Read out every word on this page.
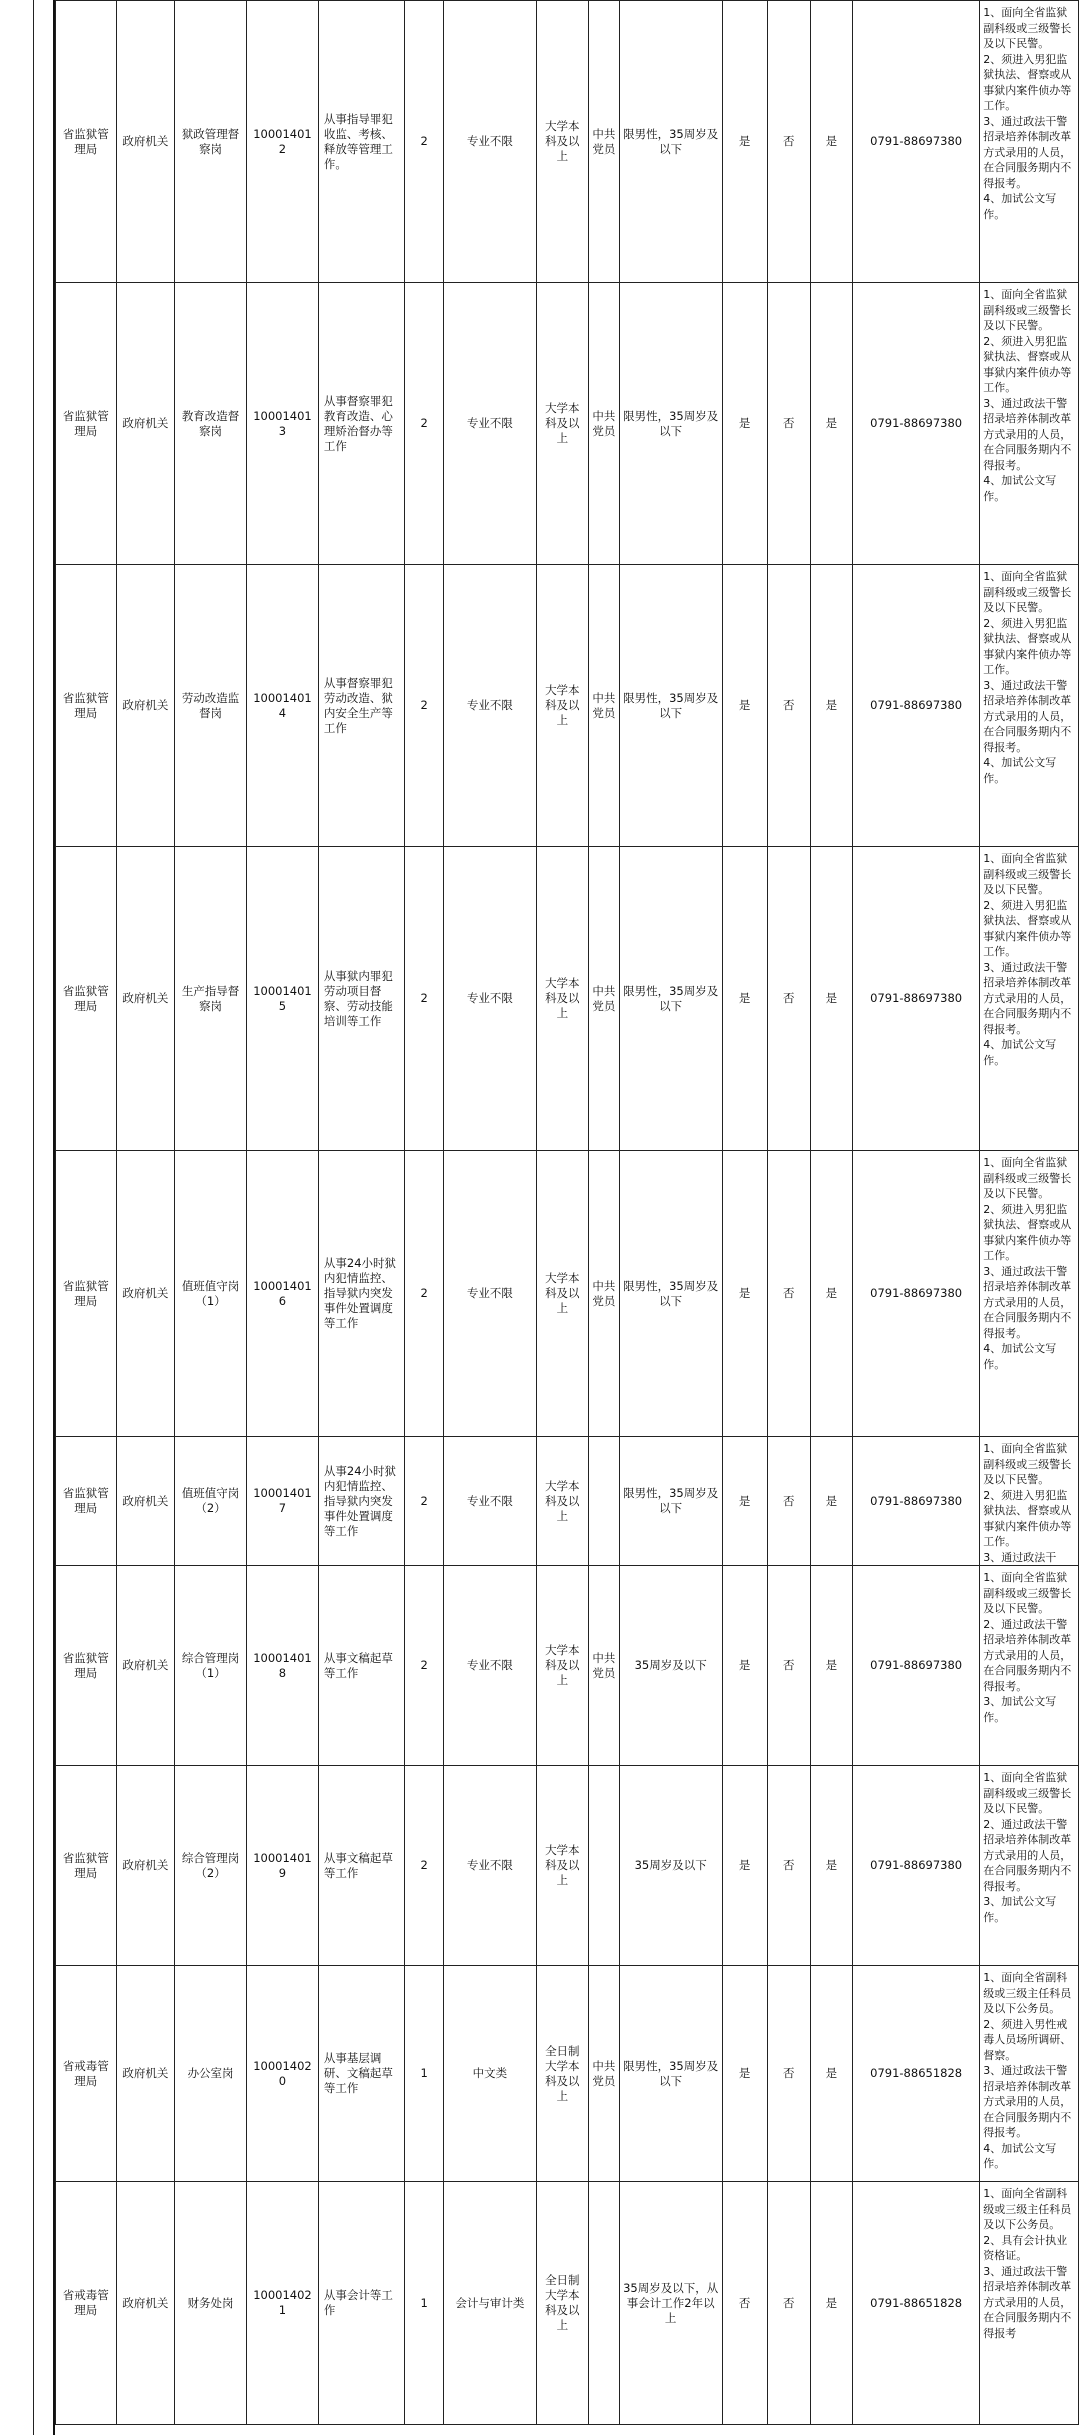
省监狱管理局	政府机关	狱政管理督察岗	100014012	从事指导罪犯收监、考核、释放等管理工作。	2	专业不限	大学本科及以上	中共党员	限男性，35周岁及以下	是	否	是	0791-88697380	1、面向全省监狱副科级或三级警长及以下民警。
2、须进入男犯监狱执法、督察或从事狱内案件侦办等工作。
3、通过政法干警招录培养体制改革方式录用的人员，在合同服务期内不得报考。
4、加试公文写作。
省监狱管理局	政府机关	教育改造督察岗	100014013	从事督察罪犯教育改造、心理矫治督办等工作	2	专业不限	大学本科及以上	中共党员	限男性，35周岁及以下	是	否	是	0791-88697380	1、面向全省监狱副科级或三级警长及以下民警。
2、须进入男犯监狱执法、督察或从事狱内案件侦办等工作。
3、通过政法干警招录培养体制改革方式录用的人员，在合同服务期内不得报考。
4、加试公文写作。
省监狱管理局	政府机关	劳动改造监督岗	100014014	从事督察罪犯劳动改造、狱内安全生产等工作	2	专业不限	大学本科及以上	中共党员	限男性，35周岁及以下	是	否	是	0791-88697380	1、面向全省监狱副科级或三级警长及以下民警。
2、须进入男犯监狱执法、督察或从事狱内案件侦办等工作。
3、通过政法干警招录培养体制改革方式录用的人员，在合同服务期内不得报考。
4、加试公文写作。
省监狱管理局	政府机关	生产指导督察岗	100014015	从事狱内罪犯劳动项目督察、劳动技能培训等工作	2	专业不限	大学本科及以上	中共党员	限男性，35周岁及以下	是	否	是	0791-88697380	1、面向全省监狱副科级或三级警长及以下民警。
2、须进入男犯监狱执法、督察或从事狱内案件侦办等工作。
3、通过政法干警招录培养体制改革方式录用的人员，在合同服务期内不得报考。
4、加试公文写作。
省监狱管理局	政府机关	值班值守岗（1）	100014016	从事24小时狱内犯情监控、指导狱内突发事件处置调度等工作	2	专业不限	大学本科及以上	中共党员	限男性，35周岁及以下	是	否	是	0791-88697380	1、面向全省监狱副科级或三级警长及以下民警。
2、须进入男犯监狱执法、督察或从事狱内案件侦办等工作。
3、通过政法干警招录培养体制改革方式录用的人员，在合同服务期内不得报考。
4、加试公文写作。
省监狱管理局	政府机关	值班值守岗（2）	100014017	从事24小时狱内犯情监控、指导狱内突发事件处置调度等工作	2	专业不限	大学本科及以上		限男性，35周岁及以下	是	否	是	0791-88697380	1、面向全省监狱副科级或三级警长及以下民警。
2、须进入男犯监狱执法、督察或从事狱内案件侦办等工作。
3、通过政法干
省监狱管理局	政府机关	综合管理岗（1）	100014018	从事文稿起草等工作	2	专业不限	大学本科及以上	中共党员	35周岁及以下	是	否	是	0791-88697380	1、面向全省监狱副科级或三级警长及以下民警。
2、通过政法干警招录培养体制改革方式录用的人员，在合同服务期内不得报考。
3、加试公文写作。
省监狱管理局	政府机关	综合管理岗（2）	100014019	从事文稿起草等工作	2	专业不限	大学本科及以上		35周岁及以下	是	否	是	0791-88697380	1、面向全省监狱副科级或三级警长及以下民警。
2、通过政法干警招录培养体制改革方式录用的人员，在合同服务期内不得报考。
3、加试公文写作。
省戒毒管理局	政府机关	办公室岗	100014020	从事基层调研、文稿起草等工作	1	中文类	全日制大学本科及以上	中共党员	限男性，35周岁及以下	是	否	是	0791-88651828	1、面向全省副科级或三级主任科员及以下公务员。
2、须进入男性戒毒人员场所调研、督察。
3、通过政法干警招录培养体制改革方式录用的人员，在合同服务期内不得报考。
4、加试公文写作。
省戒毒管理局	政府机关	财务处岗	100014021	从事会计等工作	1	会计与审计类	全日制大学本科及以上		35周岁及以下，从事会计工作2年以上	否	否	是	0791-88651828	1、面向全省副科级或三级主任科员及以下公务员。
2、具有会计执业资格证。
3、通过政法干警招录培养体制改革方式录用的人员，在合同服务期内不得报考
